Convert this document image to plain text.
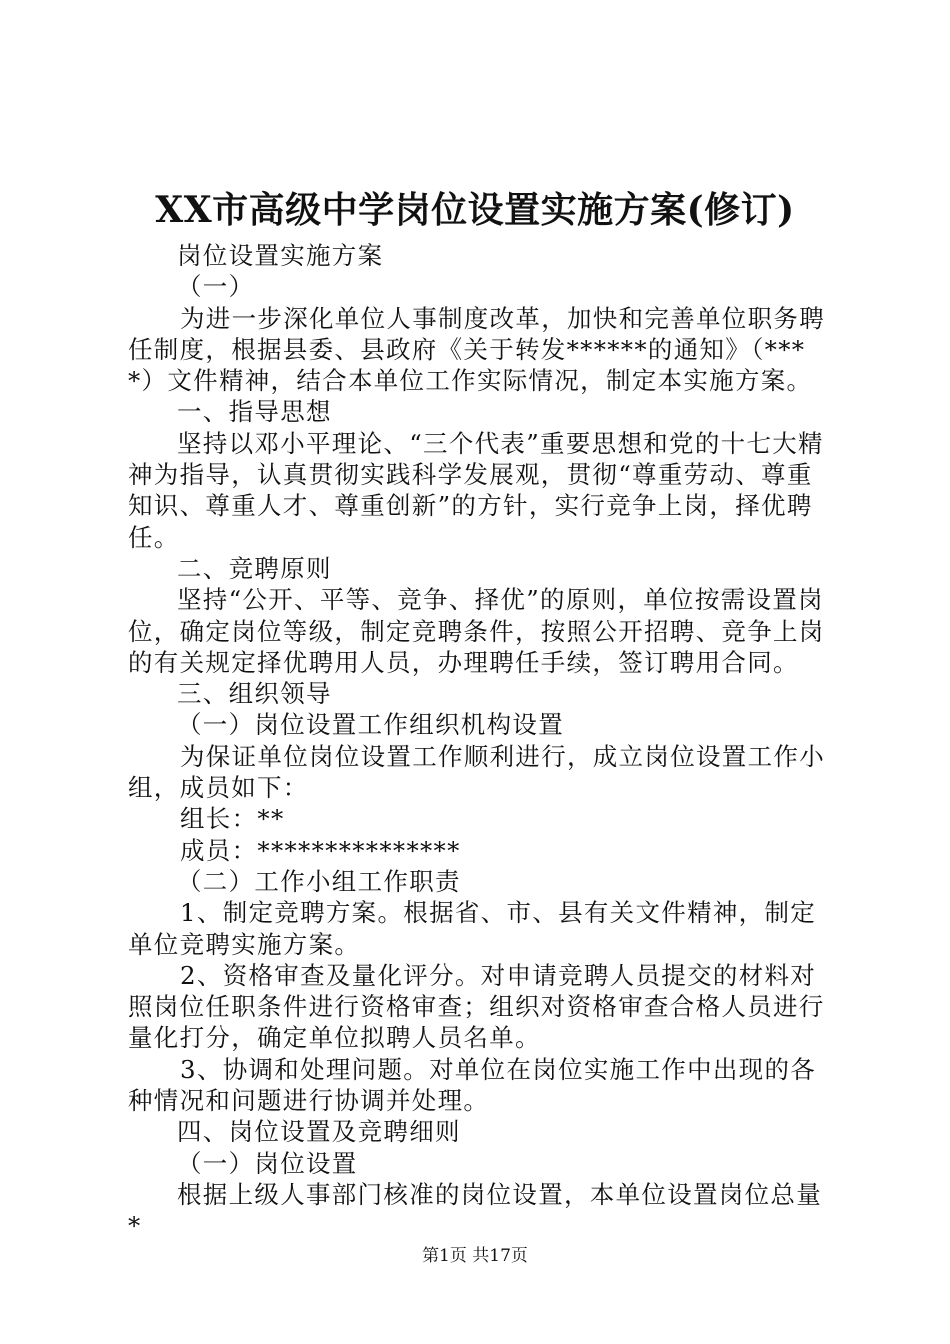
XX市高级中学岗位设置实施方案(修订)

岗位设置实施方案

（一）

为进一步深化单位人事制度改革，加快和完善单位职务聘任制度，根据县委、县政府《关于转发******的通知》（****）文件精神，结合本单位工作实际情况，制定本实施方案。

一、指导思想

坚持以邓小平理论、“三个代表”重要思想和党的十七大精神为指导，认真贯彻实践科学发展观，贯彻“尊重劳动、尊重知识、尊重人才、尊重创新”的方针，实行竞争上岗，择优聘任。

二、竞聘原则

坚持“公开、平等、竞争、择优”的原则，单位按需设置岗位，确定岗位等级，制定竞聘条件，按照公开招聘、竞争上岗的有关规定择优聘用人员，办理聘任手续，签订聘用合同。

三、组织领导

（一）岗位设置工作组织机构设置

为保证单位岗位设置工作顺利进行，成立岗位设置工作小组，成员如下：

组长：**

成员：***************

（二）工作小组工作职责

1、制定竞聘方案。根据省、市、县有关文件精神，制定单位竞聘实施方案。

2、资格审查及量化评分。对申请竞聘人员提交的材料对照岗位任职条件进行资格审查；组织对资格审查合格人员进行量化打分，确定单位拟聘人员名单。

3、协调和处理问题。对单位在岗位实施工作中出现的各种情况和问题进行协调并处理。

四、岗位设置及竞聘细则

（一）岗位设置

根据上级人事部门核准的岗位设置，本单位设置岗位总量*

第1页 共17页
